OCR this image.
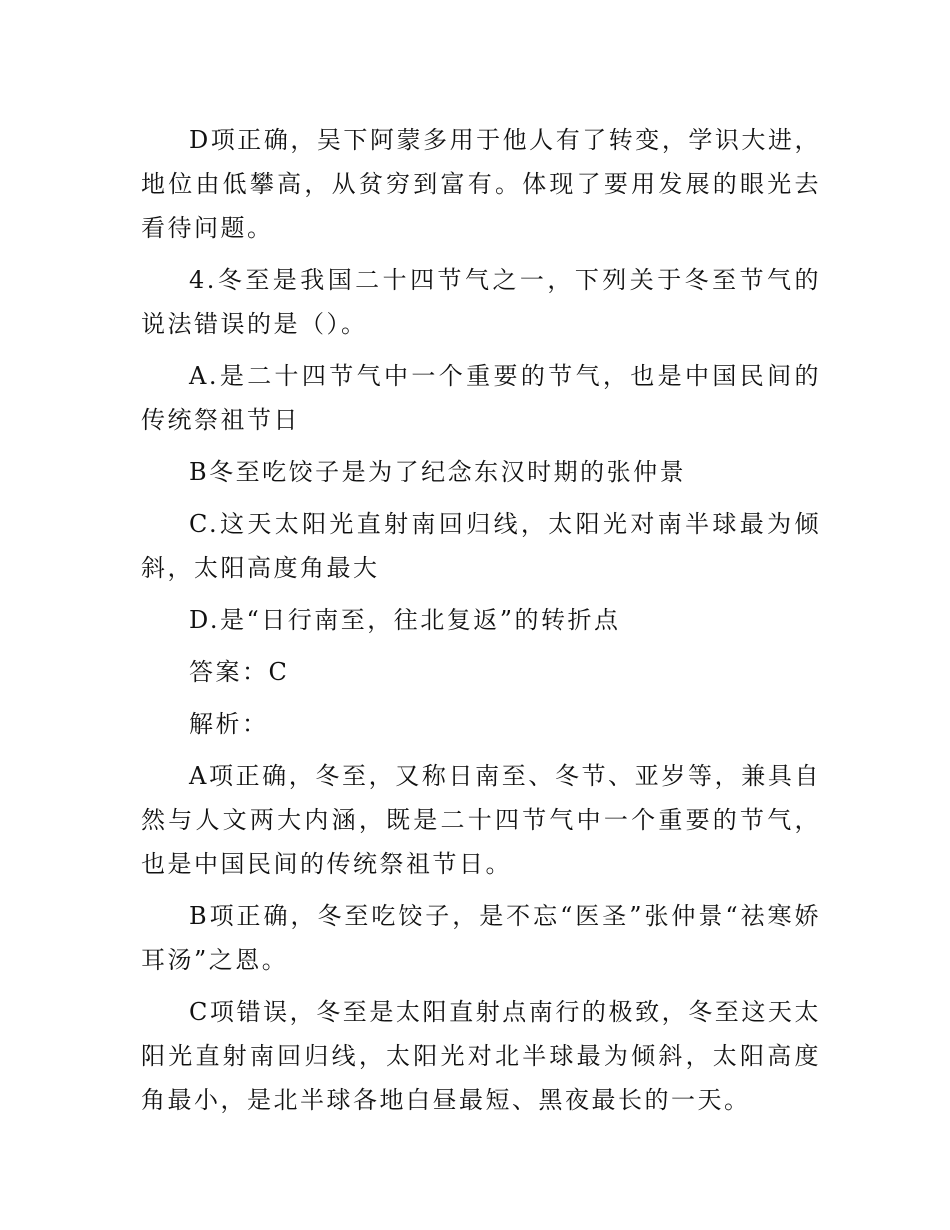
D项正确，吴下阿蒙多用于他人有了转变，学识大进，地位由低攀高，从贫穷到富有。体现了要用发展的眼光去看待问题。

4.冬至是我国二十四节气之一，下列关于冬至节气的说法错误的是（）。

A.是二十四节气中一个重要的节气，也是中国民间的传统祭祖节日

B冬至吃饺子是为了纪念东汉时期的张仲景

C.这天太阳光直射南回归线，太阳光对南半球最为倾斜，太阳高度角最大

D.是“日行南至，往北复返”的转折点

答案：C

解析：

A项正确，冬至，又称日南至、冬节、亚岁等，兼具自然与人文两大内涵，既是二十四节气中一个重要的节气，也是中国民间的传统祭祖节日。

B项正确，冬至吃饺子，是不忘“医圣”张仲景“祛寒娇耳汤”之恩。

C项错误，冬至是太阳直射点南行的极致，冬至这天太阳光直射南回归线，太阳光对北半球最为倾斜，太阳高度角最小，是北半球各地白昼最短、黑夜最长的一天。
